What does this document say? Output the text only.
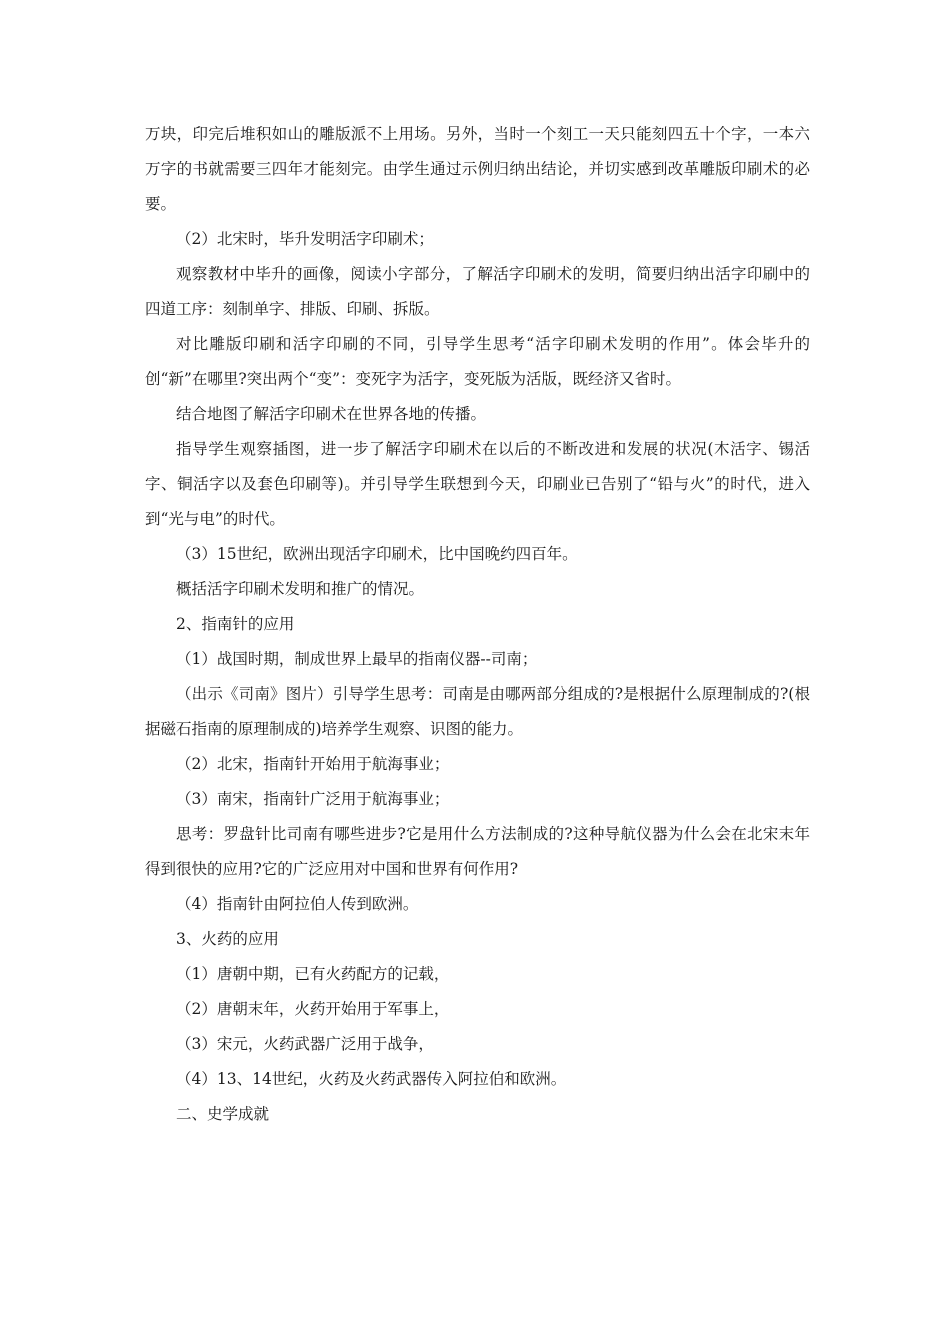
万块，印完后堆积如山的雕版派不上用场。另外，当时一个刻工一天只能刻四五十个字，一本六万字的书就需要三四年才能刻完。由学生通过示例归纳出结论，并切实感到改革雕版印刷术的必要。

（2）北宋时，毕升发明活字印刷术；

观察教材中毕升的画像，阅读小字部分，了解活字印刷术的发明，简要归纳出活字印刷中的四道工序：刻制单字、排版、印刷、拆版。

对比雕版印刷和活字印刷的不同，引导学生思考“活字印刷术发明的作用”。体会毕升的创“新”在哪里?突出两个“变”：变死字为活字，变死版为活版，既经济又省时。

结合地图了解活字印刷术在世界各地的传播。

指导学生观察插图，进一步了解活字印刷术在以后的不断改进和发展的状况(木活字、锡活字、铜活字以及套色印刷等)。并引导学生联想到今天，印刷业已告别了“铅与火”的时代，进入到“光与电”的时代。

（3）15世纪，欧洲出现活字印刷术，比中国晚约四百年。

概括活字印刷术发明和推广的情况。

2、指南针的应用

（1）战国时期，制成世界上最早的指南仪器--司南；

（出示《司南》图片）引导学生思考：司南是由哪两部分组成的?是根据什么原理制成的?(根据磁石指南的原理制成的)培养学生观察、识图的能力。

（2）北宋，指南针开始用于航海事业；

（3）南宋，指南针广泛用于航海事业；

思考：罗盘针比司南有哪些进步?它是用什么方法制成的?这种导航仪器为什么会在北宋末年得到很快的应用?它的广泛应用对中国和世界有何作用?

（4）指南针由阿拉伯人传到欧洲。

3、火药的应用

（1）唐朝中期，已有火药配方的记载，

（2）唐朝末年，火药开始用于军事上，

（3）宋元，火药武器广泛用于战争，

（4）13、14世纪，火药及火药武器传入阿拉伯和欧洲。

二、史学成就
